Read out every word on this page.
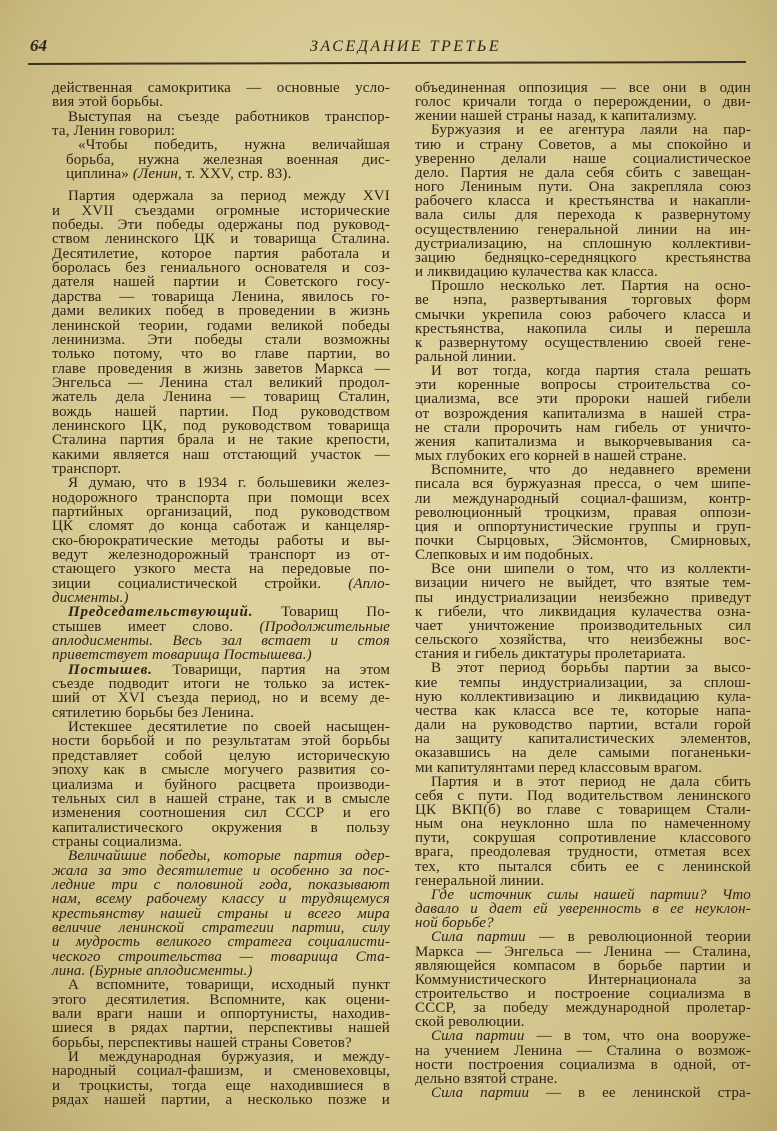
64	ЗАСЕДАНИЕ ТРЕТЬЕ
действенная самокритика — основные усло-
вия этой борьбы.
Выступая на съезде работников транспор-
та, Ленин говорил:
«Чтобы победить, нужна величайшая
борьба, нужна железная военная дис-
циплина» (Ленин, т. XXV, стр. 83).
Партия одержала за период между XVI
и XVII съездами огромные исторические
победы. Эти победы одержаны под руковод-
ством ленинского ЦК и товарища Сталина.
Десятилетие, которое партия работала и
боролась без гениального основателя и соз-
дателя нашей партии и Советского госу-
дарства — товарища Ленина, явилось го-
дами великих побед в проведении в жизнь
ленинской теории, годами великой победы
ленинизма. Эти победы стали возможны
только потому, что во главе партии, во
главе проведения в жизнь заветов Маркса —
Энгельса — Ленина стал великий продол-
жатель дела Ленина — товарищ Сталин,
вождь нашей партии. Под руководством
ленинского ЦК, под руководством товарища
Сталина партия брала и не такие крепости,
какими является наш отстающий участок —
транспорт.
Я думаю, что в 1934 г. большевики желез-
нодорожного транспорта при помощи всех
партийных организаций, под руководством
ЦК сломят до конца саботаж и канцеляр-
ско-бюрократические методы работы и вы-
ведут железнодорожный транспорт из от-
стающего узкого места на передовые по-
зиции социалистической стройки. (Апло-
дисменты.)
Председательствующий. Товарищ По-
стышев имеет слово. (Продолжительные
аплодисменты. Весь зал встает и стоя
приветствует товарища Постышева.)
Постышев. Товарищи, партия на этом
съезде подводит итоги не только за истек-
ший от XVI съезда период, но и всему де-
сятилетию борьбы без Ленина.
Истекшее десятилетие по своей насыщен-
ности борьбой и по результатам этой борьбы
представляет собой целую историческую
эпоху как в смысле могучего развития со-
циализма и буйного расцвета производи-
тельных сил в нашей стране, так и в смысле
изменения соотношения сил СССР и его
капиталистического окружения в пользу
страны социализма.
Величайшие победы, которые партия одер-
жала за это десятилетие и особенно за пос-
ледние три с половиной года, показывают
нам, всему рабочему классу и трудящемуся
крестьянству нашей страны и всего мира
величие ленинской стратегии партии, силу
и мудрость великого стратега социалисти-
ческого строительства — товарища Ста-
лина. (Бурные аплодисменты.)
А вспомните, товарищи, исходный пункт
этого десятилетия. Вспомните, как оцени-
вали враги наши и оппортунисты, находив-
шиеся в рядах партии, перспективы нашей
борьбы, перспективы нашей страны Советов?
И международная буржуазия, и между-
народный социал-фашизм, и сменовеховцы,
и троцкисты, тогда еще находившиеся в
рядах нашей партии, а несколько позже и
объединенная оппозиция — все они в один
голос кричали тогда о перерождении, о дви-
жении нашей страны назад, к капитализму.
Буржуазия и ее агентура лаяли на пар-
тию и страну Советов, а мы спокойно и
уверенно делали наше социалистическое
дело. Партия не дала себя сбить с завещан-
ного Лениным пути. Она закрепляла союз
рабочего класса и крестьянства и накапли-
вала силы для перехода к развернутому
осуществлению генеральной линии на ин-
дустриализацию, на сплошную коллективи-
зацию бедняцко-середняцкого крестьянства
и ликвидацию кулачества как класса.
Прошло несколько лет. Партия на осно-
ве нэпа, развертывания торговых форм
смычки укрепила союз рабочего класса и
крестьянства, накопила силы и перешла
к развернутому осуществлению своей гене-
ральной линии.
И вот тогда, когда партия стала решать
эти коренные вопросы строительства со-
циализма, все эти пророки нашей гибели
от возрождения капитализма в нашей стра-
не стали пророчить нам гибель от уничто-
жения капитализма и выкорчевывания са-
мых глубоких его корней в нашей стране.
Вспомните, что до недавнего времени
писала вся буржуазная пресса, о чем шипе-
ли международный социал-фашизм, контр-
революционный троцкизм, правая оппози-
ция и оппортунистические группы и груп-
почки Сырцовых, Эйсмонтов, Смирновых,
Слепковых и им подобных.
Все они шипели о том, что из коллекти-
визации ничего не выйдет, что взятые тем-
пы индустриализации неизбежно приведут
к гибели, что ликвидация кулачества озна-
чает уничтожение производительных сил
сельского хозяйства, что неизбежны вос-
стания и гибель диктатуры пролетариата.
В этот период борьбы партии за высо-
кие темпы индустриализации, за сплош-
ную коллективизацию и ликвидацию кула-
чества как класса все те, которые напа-
дали на руководство партии, встали горой
на защиту капиталистических элементов,
оказавшись на деле самыми поганеньки-
ми капитулянтами перед классовым врагом.
Партия и в этот период не дала сбить
себя с пути. Под водительством ленинского
ЦК ВКП(б) во главе с товарищем Стали-
ным она неуклонно шла по намеченному
пути, сокрушая сопротивление классового
врага, преодолевая трудности, отметая всех
тех, кто пытался сбить ее с ленинской
генеральной линии.
Где источник силы нашей партии? Что
давало и дает ей уверенность в ее неуклон-
ной борьбе?
Сила партии — в революционной теории
Маркса — Энгельса — Ленина — Сталина,
являющейся компасом в борьбе партии и
Коммунистического	Интернационала	за
строительство и построение социализма в
СССР, за победу международной пролетар-
ской революции.
Сила партии — в том, что она вооруже-
на учением Ленина — Сталина о возмож-
ности построения социализма в одной, от-
дельно взятой стране.
Сила партии — в ее ленинской стра-
